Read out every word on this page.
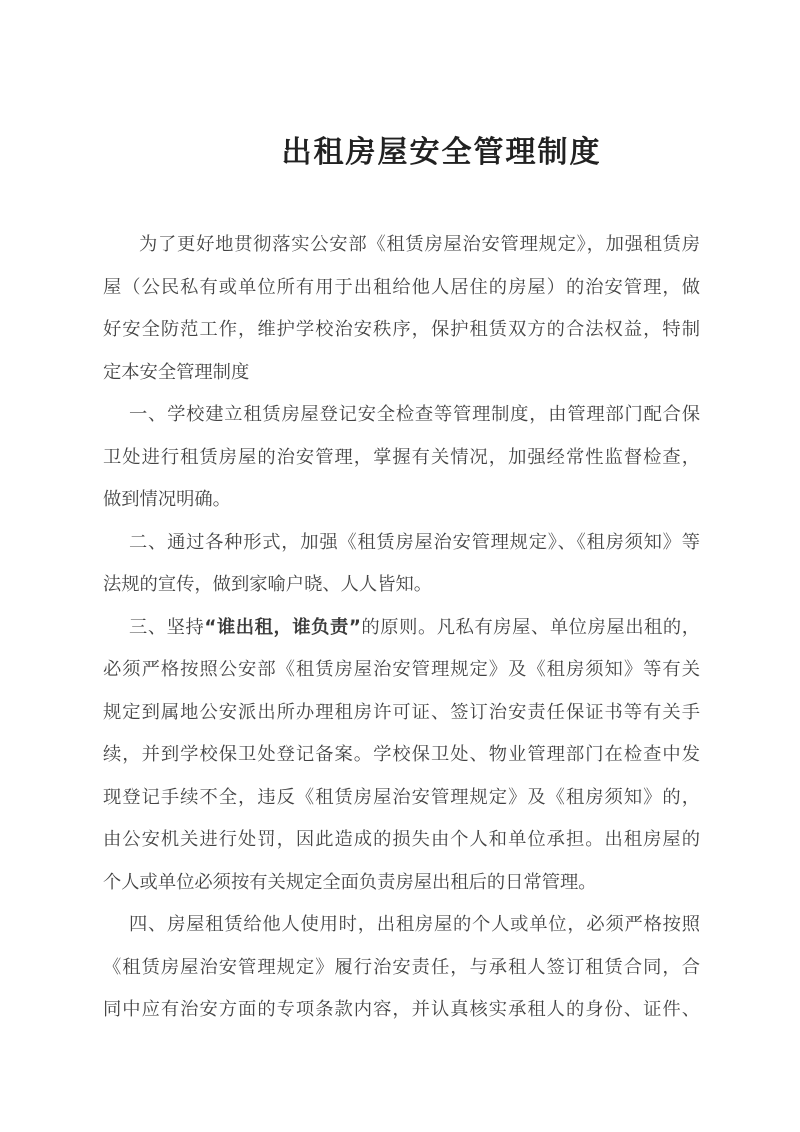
出租房屋安全管理制度
为了更好地贯彻落实公安部《租赁房屋治安管理规定》，加强租赁房
屋（公民私有或单位所有用于出租给他人居住的房屋）的治安管理，做
好安全防范工作，维护学校治安秩序，保护租赁双方的合法权益，特制
定本安全管理制度
一、学校建立租赁房屋登记安全检查等管理制度，由管理部门配合保
卫处进行租赁房屋的治安管理，掌握有关情况，加强经常性监督检查，
做到情况明确。
二、通过各种形式，加强《租赁房屋治安管理规定》、《租房须知》等
法规的宣传，做到家喻户晓、人人皆知。
三、坚持“谁出租，谁负责”的原则。凡私有房屋、单位房屋出租的，
必须严格按照公安部《租赁房屋治安管理规定》及《租房须知》等有关
规定到属地公安派出所办理租房许可证、签订治安责任保证书等有关手
续，并到学校保卫处登记备案。学校保卫处、物业管理部门在检查中发
现登记手续不全，违反《租赁房屋治安管理规定》及《租房须知》的，
由公安机关进行处罚，因此造成的损失由个人和单位承担。出租房屋的
个人或单位必须按有关规定全面负责房屋出租后的日常管理。
四、房屋租赁给他人使用时，出租房屋的个人或单位，必须严格按照
《租赁房屋治安管理规定》履行治安责任，与承租人签订租赁合同，合
同中应有治安方面的专项条款内容，并认真核实承租人的身份、证件、
